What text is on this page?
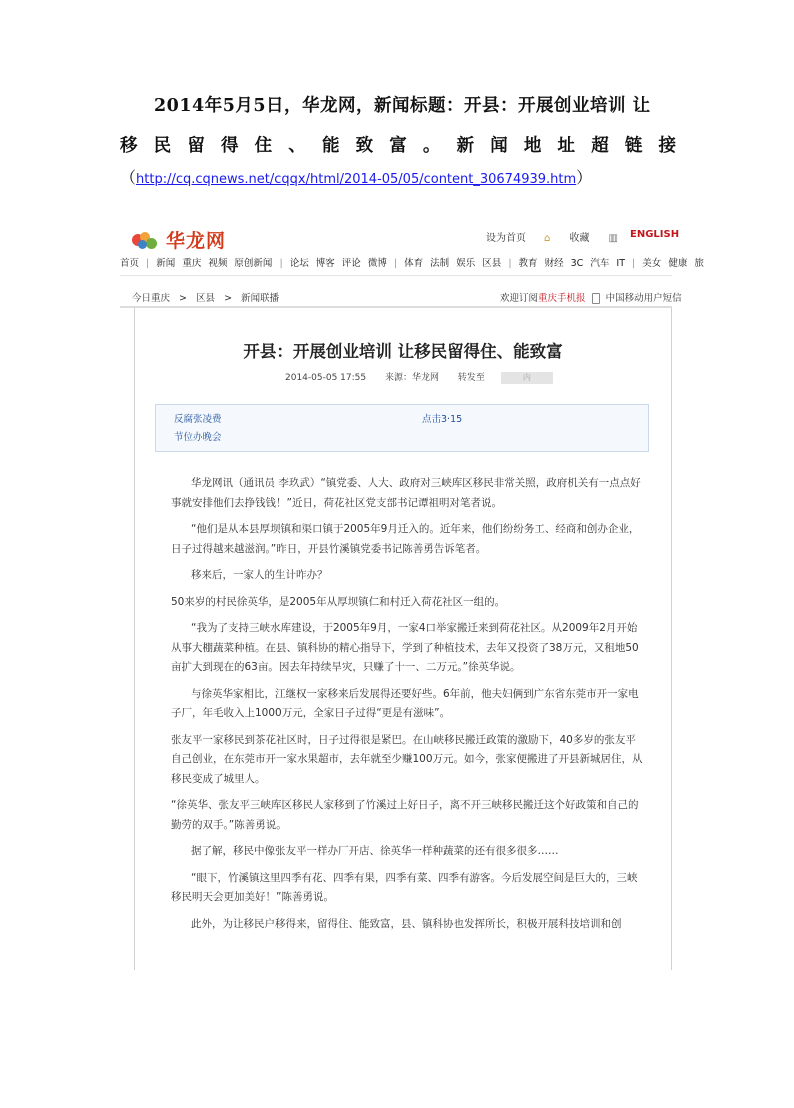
2014年5月5日，华龙网，新闻标题：开县：开展创业培训 让
移 民 留 得 住 、 能 致 富 。 新 闻 地 址 超 链 接
（http://cq.cqnews.net/cqqx/html/2014-05/05/content_30674939.htm）
华龙网	设为首页 ⌂ 收藏 ▥	ENGLISH
首页 | 新闻 重庆 视频 原创新闻 | 论坛 博客 评论 微博 | 体育 法制 娱乐 区县 | 教育 财经 3C 汽车 IT | 美女 健康 旅
今日重庆 > 区县 > 新闻联播	欢迎订阅重庆手机报 中国移动用户短信
开县：开展创业培训 让移民留得住、能致富
2014-05-05 17:55 来源：华龙网 转发至	内
反腐张凌费
节位办晚会
点击3·15

华龙网讯（通讯员 李玖武）“镇党委、人大、政府对三峡库区移民非常关照，政府机关有一点点好事就安排他们去挣钱钱！”近日，荷花社区党支部书记谭祖明对笔者说。

“他们是从本县厚坝镇和渠口镇于2005年9月迁入的。近年来，他们纷纷务工、经商和创办企业，日子过得越来越滋润。”昨日，开县竹溪镇党委书记陈善勇告诉笔者。

移来后，一家人的生计咋办？

50来岁的村民徐英华，是2005年从厚坝镇仁和村迁入荷花社区一组的。

“我为了支持三峡水库建设，于2005年9月，一家4口举家搬迁来到荷花社区。从2009年2月开始从事大棚蔬菜种植。在县、镇科协的精心指导下，学到了种植技术，去年又投资了38万元，又租地50亩扩大到现在的63亩。因去年持续旱灾，只赚了十一、二万元。”徐英华说。

与徐英华家相比，江继权一家移来后发展得还要好些。6年前，他夫妇俩到广东省东莞市开一家电子厂，年毛收入上1000万元，全家日子过得“更是有滋味”。

张友平一家移民到茶花社区时，日子过得很是紧巴。在山峡移民搬迁政策的激励下，40多岁的张友平自己创业，在东莞市开一家水果超市，去年就至少赚100万元。如今，张家便搬进了开县新城居住，从移民变成了城里人。

“徐英华、张友平三峡库区移民人家移到了竹溪过上好日子，离不开三峡移民搬迁这个好政策和自己的勤劳的双手。”陈善勇说。

据了解，移民中像张友平一样办厂开店、徐英华一样种蔬菜的还有很多很多……

“眼下，竹溪镇这里四季有花、四季有果，四季有菜、四季有游客。今后发展空间是巨大的，三峡移民明天会更加美好！”陈善勇说。

此外，为让移民户移得来，留得住、能致富，县、镇科协也发挥所长，积极开展科技培训和创
